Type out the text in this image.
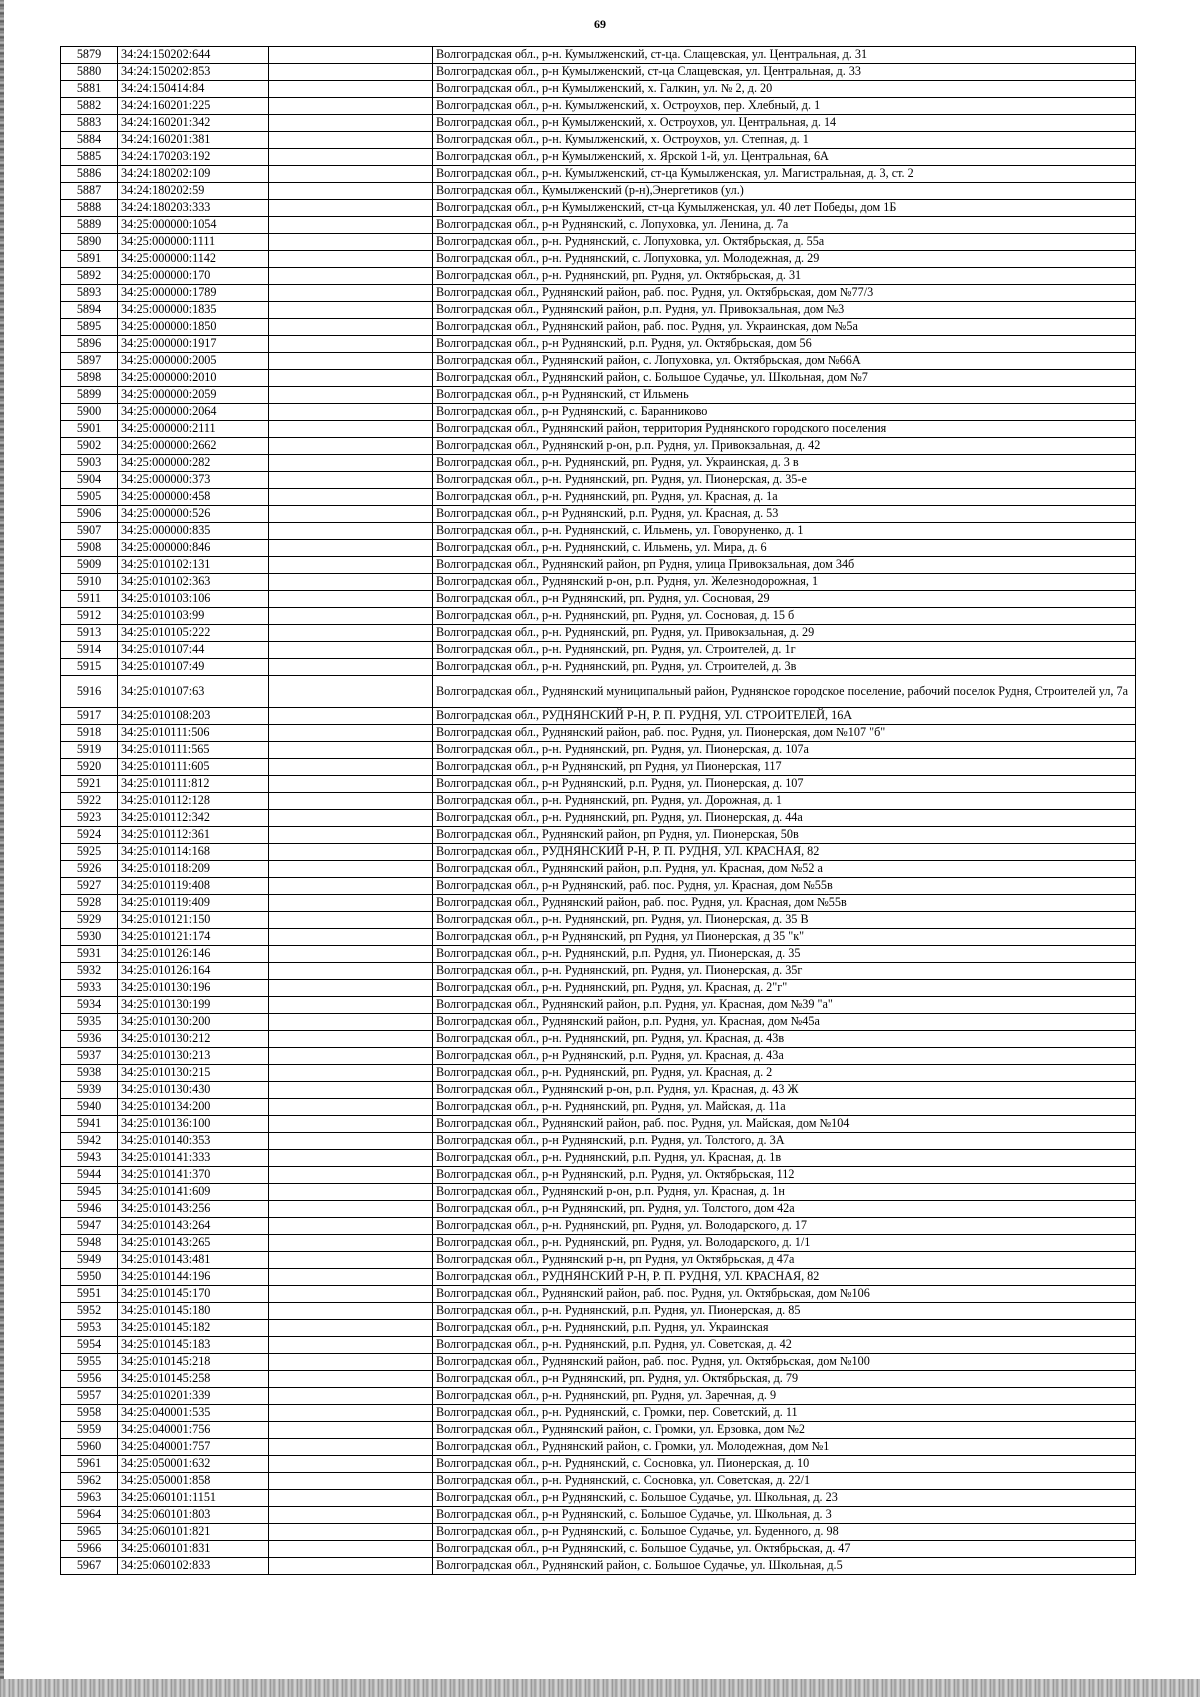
69
5879	34:24:150202:644		Волгоградская обл., р-н. Кумылженский, ст-ца. Слащевская, ул. Центральная, д. 31
5880	34:24:150202:853		Волгоградская обл., р-н Кумылженский, ст-ца Слащевская, ул. Центральная, д. 33
5881	34:24:150414:84		Волгоградская обл., р-н Кумылженский, х. Галкин, ул. № 2, д. 20
5882	34:24:160201:225		Волгоградская обл., р-н. Кумылженский, х. Остроухов, пер. Хлебный, д. 1
5883	34:24:160201:342		Волгоградская обл., р-н Кумылженский, х. Остроухов, ул. Центральная, д. 14
5884	34:24:160201:381		Волгоградская обл., р-н. Кумылженский, х. Остроухов, ул. Степная, д. 1
5885	34:24:170203:192		Волгоградская обл., р-н Кумылженский, х. Ярской 1-й, ул. Центральная, 6А
5886	34:24:180202:109		Волгоградская обл., р-н. Кумылженский, ст-ца Кумылженская, ул. Магистральная, д. 3, ст. 2
5887	34:24:180202:59		Волгоградская обл., Кумылженский (р-н),Энергетиков (ул.)
5888	34:24:180203:333		Волгоградская обл., р-н Кумылженский, ст-ца Кумылженская, ул. 40 лет Победы, дом 1Б
5889	34:25:000000:1054		Волгоградская обл., р-н Руднянский, с. Лопуховка, ул. Ленина, д. 7а
5890	34:25:000000:1111		Волгоградская обл., р-н. Руднянский, с. Лопуховка, ул. Октябрьская, д. 55а
5891	34:25:000000:1142		Волгоградская обл., р-н. Руднянский, с. Лопуховка, ул. Молодежная, д. 29
5892	34:25:000000:170		Волгоградская обл., р-н. Руднянский, рп. Рудня, ул. Октябрьская, д. 31
5893	34:25:000000:1789		Волгоградская обл., Руднянский район, раб. пос. Рудня, ул. Октябрьская, дом №77/3
5894	34:25:000000:1835		Волгоградская обл., Руднянский район, р.п. Рудня, ул. Привокзальная, дом №3
5895	34:25:000000:1850		Волгоградская обл., Руднянский район, раб. пос. Рудня, ул. Украинская, дом №5а
5896	34:25:000000:1917		Волгоградская обл., р-н Руднянский, р.п. Рудня, ул. Октябрьская, дом 56
5897	34:25:000000:2005		Волгоградская обл., Руднянский район, с. Лопуховка, ул. Октябрьская, дом №66А
5898	34:25:000000:2010		Волгоградская обл., Руднянский район, с. Большое Судачье, ул. Школьная, дом №7
5899	34:25:000000:2059		Волгоградская обл., р-н Руднянский, ст Ильмень
5900	34:25:000000:2064		Волгоградская обл., р-н Руднянский, с. Баранниково
5901	34:25:000000:2111		Волгоградская обл., Руднянский район, территория Руднянского городского поселения
5902	34:25:000000:2662		Волгоградская обл., Руднянский р-он, р.п. Рудня, ул. Привокзальная, д. 42
5903	34:25:000000:282		Волгоградская обл., р-н. Руднянский, рп. Рудня, ул. Украинская, д. 3 в
5904	34:25:000000:373		Волгоградская обл., р-н. Руднянский, рп. Рудня, ул. Пионерская, д. 35-е
5905	34:25:000000:458		Волгоградская обл., р-н. Руднянский, рп. Рудня, ул. Красная, д. 1а
5906	34:25:000000:526		Волгоградская обл., р-н Руднянский, р.п. Рудня, ул. Красная, д. 53
5907	34:25:000000:835		Волгоградская обл., р-н. Руднянский, с. Ильмень, ул. Говоруненко, д. 1
5908	34:25:000000:846		Волгоградская обл., р-н. Руднянский, с. Ильмень, ул. Мира, д. 6
5909	34:25:010102:131		Волгоградская обл., Руднянский район, рп Рудня, улица Привокзальная, дом 34б
5910	34:25:010102:363		Волгоградская обл., Руднянский р-он, р.п. Рудня, ул. Железнодорожная, 1
5911	34:25:010103:106		Волгоградская обл., р-н Руднянский, рп. Рудня, ул. Сосновая, 29
5912	34:25:010103:99		Волгоградская обл., р-н. Руднянский, рп. Рудня, ул. Сосновая, д. 15 б
5913	34:25:010105:222		Волгоградская обл., р-н. Руднянский, рп. Рудня, ул. Привокзальная, д. 29
5914	34:25:010107:44		Волгоградская обл., р-н. Руднянский, рп. Рудня, ул. Строителей, д. 1г
5915	34:25:010107:49		Волгоградская обл., р-н. Руднянский, рп. Рудня, ул. Строителей, д. 3в
5916	34:25:010107:63		Волгоградская обл., Руднянский муниципальный район, Руднянское городское поселение, рабочий поселок Рудня, Строителей ул, 7а
5917	34:25:010108:203		Волгоградская обл., РУДНЯНСКИЙ Р-Н, Р. П. РУДНЯ, УЛ. СТРОИТЕЛЕЙ, 16А
5918	34:25:010111:506		Волгоградская обл., Руднянский район, раб. пос. Рудня, ул. Пионерская, дом №107 "б"
5919	34:25:010111:565		Волгоградская обл., р-н. Руднянский, рп. Рудня, ул. Пионерская, д. 107а
5920	34:25:010111:605		Волгоградская обл., р-н Руднянский, рп Рудня, ул Пионерская, 117
5921	34:25:010111:812		Волгоградская обл., р-н Руднянский, р.п. Рудня, ул. Пионерская, д. 107
5922	34:25:010112:128		Волгоградская обл., р-н. Руднянский, рп. Рудня, ул. Дорожная, д. 1
5923	34:25:010112:342		Волгоградская обл., р-н. Руднянский, рп. Рудня, ул. Пионерская, д. 44а
5924	34:25:010112:361		Волгоградская обл., Руднянский район, рп Рудня, ул. Пионерская, 50в
5925	34:25:010114:168		Волгоградская обл., РУДНЯНСКИЙ Р-Н, Р. П. РУДНЯ, УЛ. КРАСНАЯ, 82
5926	34:25:010118:209		Волгоградская обл., Руднянский район, р.п. Рудня, ул. Красная, дом №52 а
5927	34:25:010119:408		Волгоградская обл., р-н Руднянский, раб. пос. Рудня, ул. Красная, дом №55в
5928	34:25:010119:409		Волгоградская обл., Руднянский район, раб. пос. Рудня, ул. Красная, дом №55в
5929	34:25:010121:150		Волгоградская обл., р-н. Руднянский, рп. Рудня, ул. Пионерская, д. 35 В
5930	34:25:010121:174		Волгоградская обл., р-н Руднянский, рп Рудня, ул Пионерская, д 35 "к"
5931	34:25:010126:146		Волгоградская обл., р-н. Руднянский, р.п. Рудня, ул. Пионерская, д. 35
5932	34:25:010126:164		Волгоградская обл., р-н. Руднянский, рп. Рудня, ул. Пионерская, д. 35г
5933	34:25:010130:196		Волгоградская обл., р-н. Руднянский, рп. Рудня, ул. Красная, д. 2"г"
5934	34:25:010130:199		Волгоградская обл., Руднянский район, р.п. Рудня, ул. Красная, дом №39 "а"
5935	34:25:010130:200		Волгоградская обл., Руднянский район, р.п. Рудня, ул. Красная, дом №45а
5936	34:25:010130:212		Волгоградская обл., р-н. Руднянский, рп. Рудня, ул. Красная, д. 43в
5937	34:25:010130:213		Волгоградская обл., р-н Руднянский, р.п. Рудня, ул. Красная, д. 43а
5938	34:25:010130:215		Волгоградская обл., р-н. Руднянский, рп. Рудня, ул. Красная, д. 2
5939	34:25:010130:430		Волгоградская обл., Руднянский р-он, р.п. Рудня, ул. Красная, д. 43 Ж
5940	34:25:010134:200		Волгоградская обл., р-н. Руднянский, рп. Рудня, ул. Майская, д. 11а
5941	34:25:010136:100		Волгоградская обл., Руднянский район, раб. пос. Рудня, ул. Майская, дом №104
5942	34:25:010140:353		Волгоградская обл., р-н Руднянский, р.п. Рудня, ул. Толстого, д. 3А
5943	34:25:010141:333		Волгоградская обл., р-н. Руднянский, р.п. Рудня, ул. Красная, д. 1в
5944	34:25:010141:370		Волгоградская обл., р-н Руднянский, р.п. Рудня, ул. Октябрьская, 112
5945	34:25:010141:609		Волгоградская обл., Руднянский р-он, р.п. Рудня, ул. Красная, д. 1н
5946	34:25:010143:256		Волгоградская обл., р-н Руднянский, рп. Рудня, ул. Толстого, дом 42а
5947	34:25:010143:264		Волгоградская обл., р-н. Руднянский, рп. Рудня, ул. Володарского, д. 17
5948	34:25:010143:265		Волгоградская обл., р-н. Руднянский, рп. Рудня, ул. Володарского, д. 1/1
5949	34:25:010143:481		Волгоградская обл., Руднянский р-н, рп Рудня, ул Октябрьская, д 47а
5950	34:25:010144:196		Волгоградская обл., РУДНЯНСКИЙ Р-Н, Р. П. РУДНЯ, УЛ. КРАСНАЯ, 82
5951	34:25:010145:170		Волгоградская обл., Руднянский район, раб. пос. Рудня, ул. Октябрьская, дом №106
5952	34:25:010145:180		Волгоградская обл., р-н. Руднянский, р.п. Рудня, ул. Пионерская, д. 85
5953	34:25:010145:182		Волгоградская обл., р-н. Руднянский, р.п. Рудня, ул. Украинская
5954	34:25:010145:183		Волгоградская обл., р-н. Руднянский, р.п. Рудня, ул. Советская, д. 42
5955	34:25:010145:218		Волгоградская обл., Руднянский район, раб. пос. Рудня, ул. Октябрьская, дом №100
5956	34:25:010145:258		Волгоградская обл., р-н Руднянский, рп. Рудня, ул. Октябрьская, д. 79
5957	34:25:010201:339		Волгоградская обл., р-н. Руднянский, рп. Рудня, ул. Заречная, д. 9
5958	34:25:040001:535		Волгоградская обл., р-н. Руднянский, с. Громки, пер. Советский, д. 11
5959	34:25:040001:756		Волгоградская обл., Руднянский район, с. Громки, ул. Ерзовка, дом №2
5960	34:25:040001:757		Волгоградская обл., Руднянский район, с. Громки, ул. Молодежная, дом №1
5961	34:25:050001:632		Волгоградская обл., р-н. Руднянский, с. Сосновка, ул. Пионерская, д. 10
5962	34:25:050001:858		Волгоградская обл., р-н. Руднянский, с. Сосновка, ул. Советская, д. 22/1
5963	34:25:060101:1151		Волгоградская обл., р-н Руднянский, с. Большое Судачье, ул. Школьная, д. 23
5964	34:25:060101:803		Волгоградская обл., р-н Руднянский, с. Большое Судачье, ул. Школьная, д. 3
5965	34:25:060101:821		Волгоградская обл., р-н Руднянский, с. Большое Судачье, ул. Буденного, д. 98
5966	34:25:060101:831		Волгоградская обл., р-н Руднянский, с. Большое Судачье, ул. Октябрьская, д. 47
5967	34:25:060102:833		Волгоградская обл., Руднянский район, с. Большое Судачье, ул. Школьная, д.5
